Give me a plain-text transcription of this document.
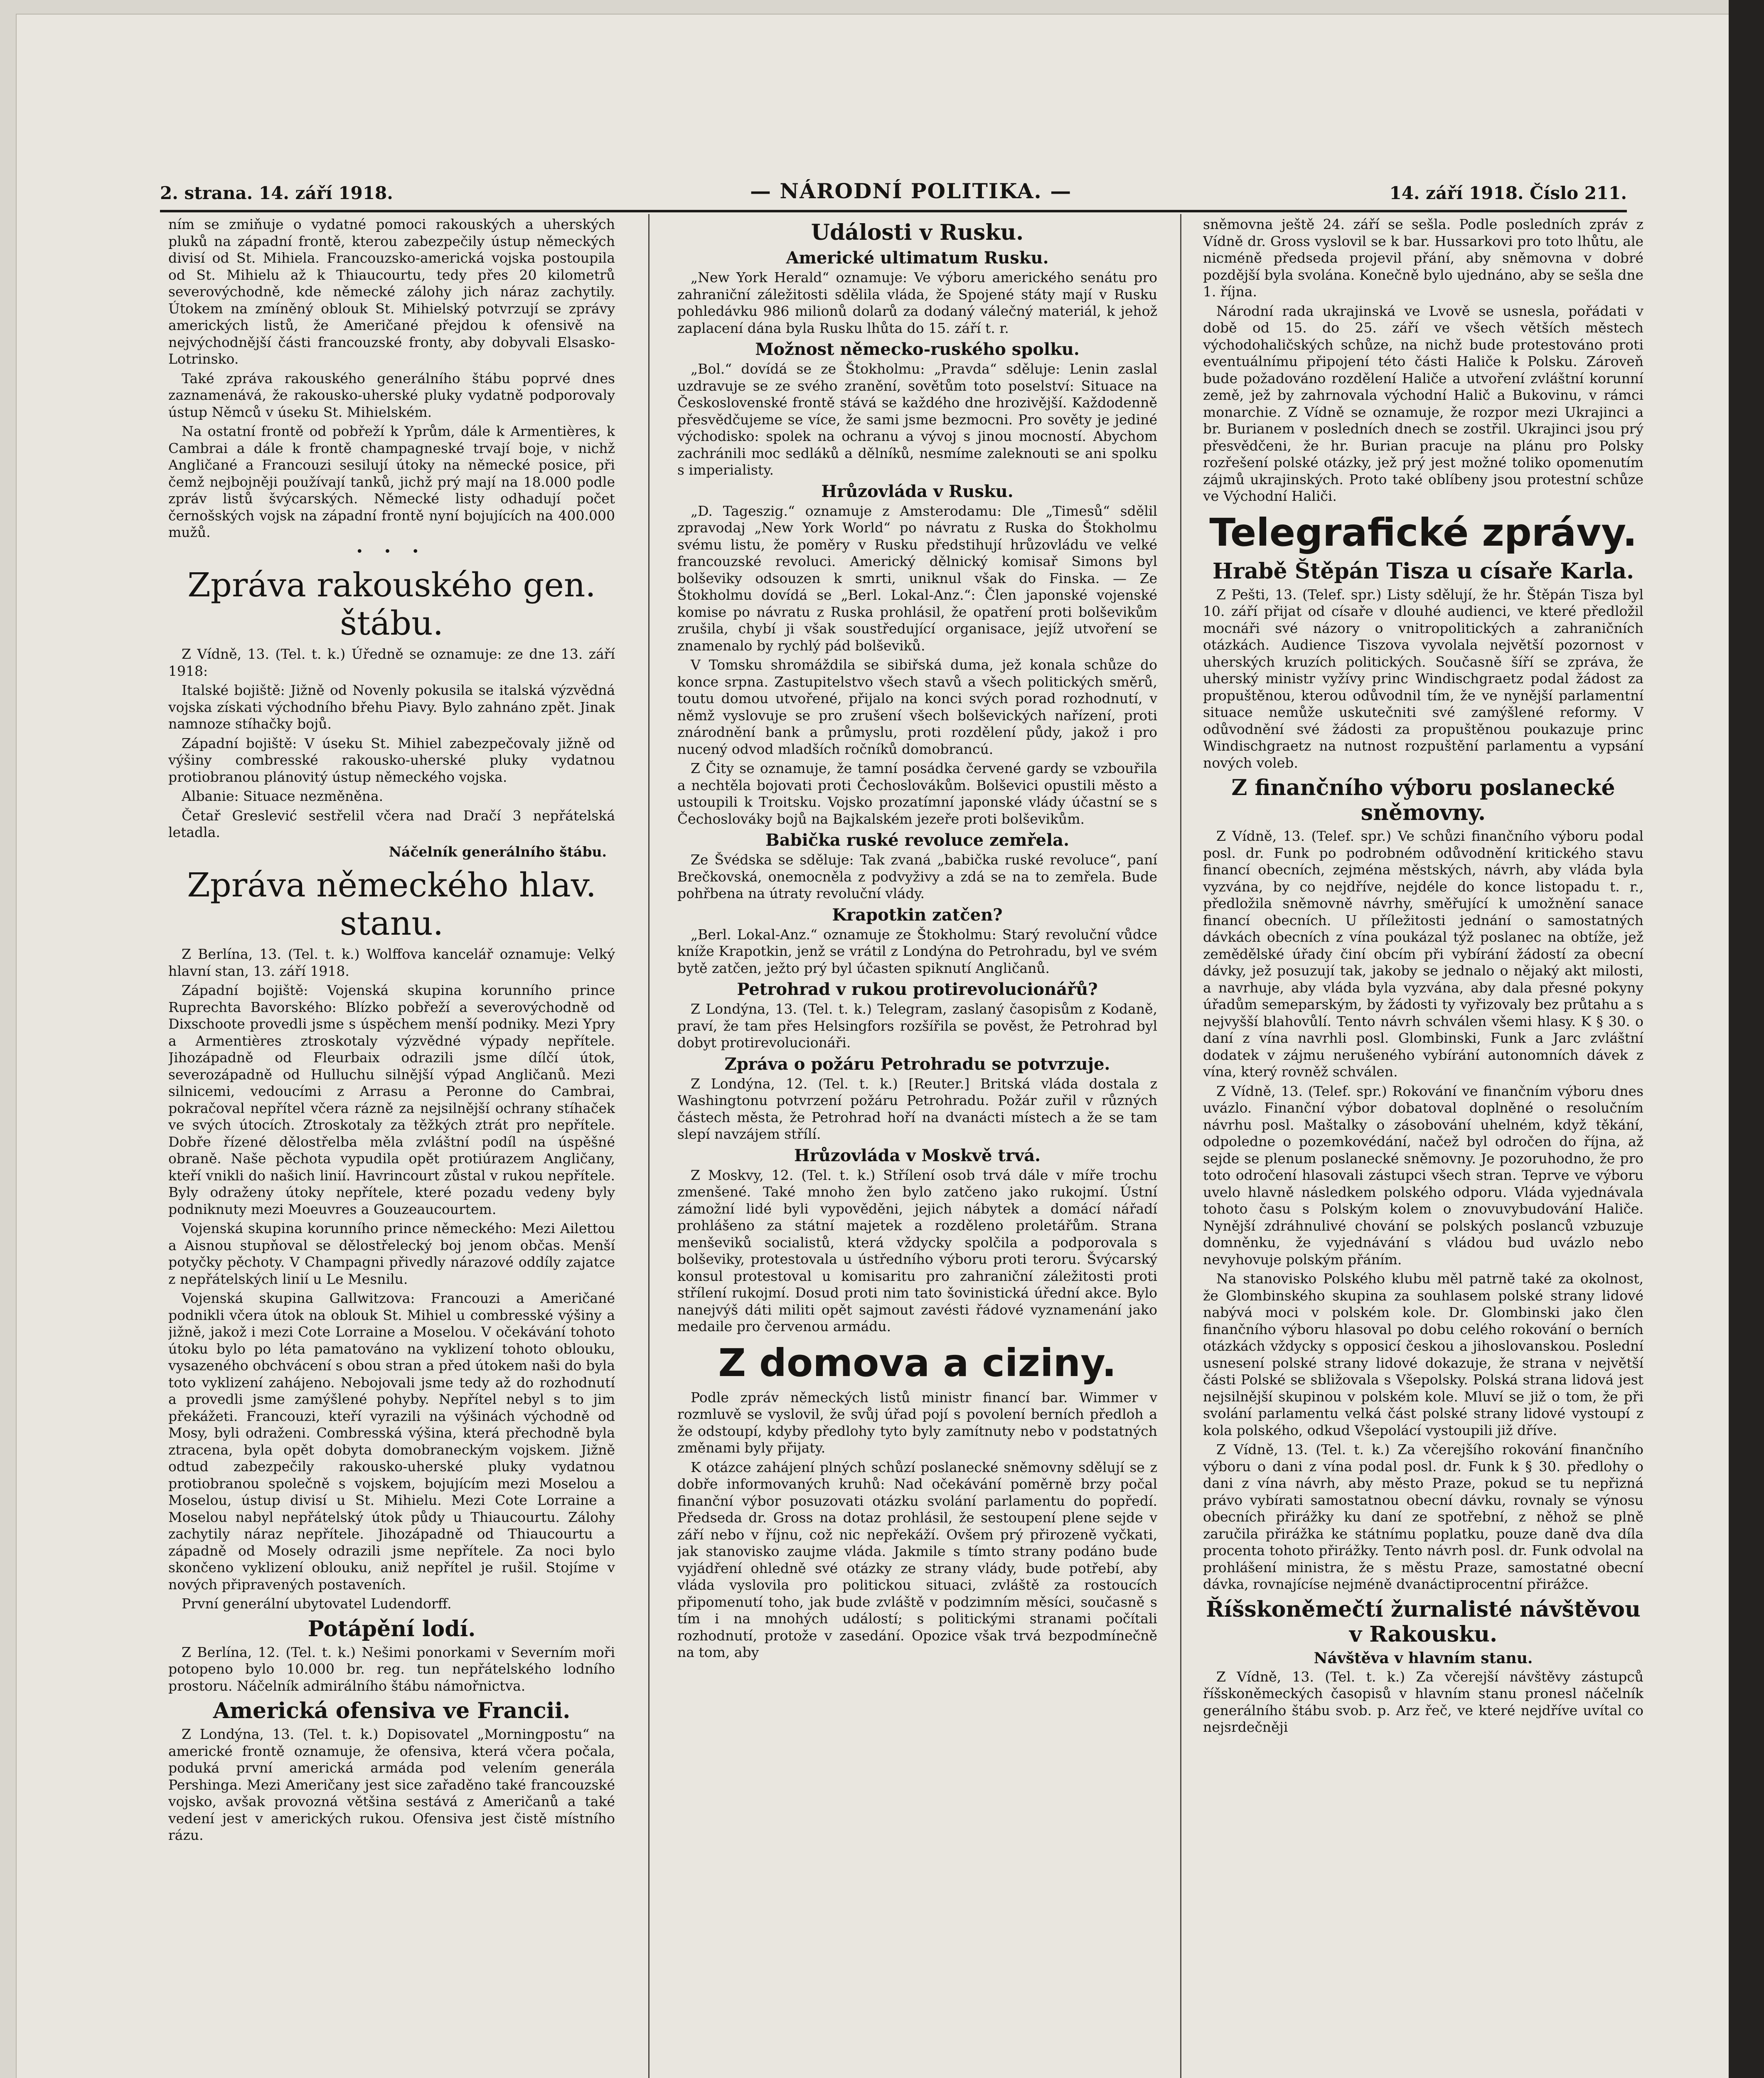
2. strana. 14. září 1918.	— NÁRODNÍ POLITIKA. —	14. září 1918. Číslo 211.

ním se zmiňuje o vydatné pomoci rakouských a uherských pluků na západní frontě, kterou zabezpečily ústup německých divisí od St. Mihiela. Francouzsko-americká vojska postoupila od St. Mihielu až k Thiaucourtu, tedy přes 20 kilometrů severovýchodně, kde německé zálohy jich náraz zachytily. Útokem na zmíněný oblouk St. Mihielský potvrzují se zprávy amerických listů, že Američané přejdou k ofensivě na nejvýchodnější části francouzské fronty, aby dobyvali Elsasko-Lotrinsko.

Také zpráva rakouského generálního štábu poprvé dnes zaznamenává, že rakousko-uherské pluky vydatně podporovaly ústup Němců v úseku St. Mihielském.

Na ostatní frontě od pobřeží k Yprům, dále k Armentières, k Cambrai a dále k frontě champagneské trvají boje, v nichž Angličané a Francouzi sesilují útoky na německé posice, při čemž nejbojněji používají tanků, jichž prý mají na 18.000 podle zpráv listů švýcarských. Německé listy odhadují počet černošských vojsk na západní frontě nyní bojujících na 400.000 mužů.

• • •
Zpráva rakouského gen. štábu.

Z Vídně, 13. (Tel. t. k.) Úředně se oznamuje: ze dne 13. září 1918:

Italské bojiště: Jižně od Novenly pokusila se italská výzvědná vojska získati východního břehu Piavy. Bylo zahnáno zpět. Jinak namnoze stíhačky bojů.

Západní bojiště: V úseku St. Mihiel zabezpečovaly jižně od výšiny combresské rakousko-uherské pluky vydatnou protiobranou plánovitý ústup německého vojska.

Albanie: Situace nezměněna.

Četař Greslević sestřelil včera nad Dračí 3 nepřátelská letadla.

Náčelník generálního štábu.
Zpráva německého hlav. stanu.

Z Berlína, 13. (Tel. t. k.) Wolffova kancelář oznamuje: Velký hlavní stan, 13. září 1918.

Západní bojiště: Vojenská skupina korunního prince Ruprechta Bavorského: Blízko pobřeží a severovýchodně od Dixschoote provedli jsme s úspěchem menší podniky. Mezi Ypry a Armentières ztroskotaly výzvědné výpady nepřítele. Jihozápadně od Fleurbaix odrazili jsme dílčí útok, severozápadně od Hulluchu silnější výpad Angličanů. Mezi silnicemi, vedoucími z Arrasu a Peronne do Cambrai, pokračoval nepřítel včera rázně za nejsilnější ochrany stíhaček ve svých útocích. Ztroskotaly za těžkých ztrát pro nepřítele. Dobře řízené dělostřelba měla zvláštní podíl na úspěšné obraně. Naše pěchota vypudila opět protiúrazem Angličany, kteří vnikli do našich linií. Havrincourt zůstal v rukou nepřítele. Byly odraženy útoky nepřítele, které pozadu vedeny byly podniknuty mezi Moeuvres a Gouzeaucourtem.

Vojenská skupina korunního prince německého: Mezi Ailettou a Aisnou stupňoval se dělostřelecký boj jenom občas. Menší potyčky pěchoty. V Champagni přivedly nárazové oddíly zajatce z nepřátelských linií u Le Mesnilu.

Vojenská skupina Gallwitzova: Francouzi a Američané podnikli včera útok na oblouk St. Mihiel u combresské výšiny a jižně, jakož i mezi Cote Lorraine a Moselou. V očekávání tohoto útoku bylo po léta pamatováno na vyklizení tohoto oblouku, vysazeného obchvácení s obou stran a před útokem naši do byla toto vyklizení zahájeno. Nebojovali jsme tedy až do rozhodnutí a provedli jsme zamýšlené pohyby. Nepřítel nebyl s to jim překážeti. Francouzi, kteří vyrazili na výšinách východně od Mosy, byli odraženi. Combresská výšina, která přechodně byla ztracena, byla opět dobyta domobraneckým vojskem. Jižně odtud zabezpečily rakousko-uherské pluky vydatnou protiobranou společně s vojskem, bojujícím mezi Moselou a Moselou, ústup divisí u St. Mihielu. Mezi Cote Lorraine a Moselou nabyl nepřátelský útok půdy u Thiaucourtu. Zálohy zachytily náraz nepřítele. Jihozápadně od Thiaucourtu a západně od Mosely odrazili jsme nepřítele. Za noci bylo skončeno vyklizení oblouku, aniž nepřítel je rušil. Stojíme v nových připravených postaveních.

První generální ubytovatel Ludendorff.

Potápění lodí.

Z Berlína, 12. (Tel. t. k.) Nešimi ponorkami v Severním moři potopeno bylo 10.000 br. reg. tun nepřátelského lodního prostoru. Náčelník admirálního štábu námořnictva.

Americká ofensiva ve Francii.

Z Londýna, 13. (Tel. t. k.) Dopisovatel „Morningpostu“ na americké frontě oznamuje, že ofensiva, která včera počala, poduká první americká armáda pod velením generála Pershinga. Mezi Američany jest sice zařaděno také francouzské vojsko, avšak provozná většina sestává z Američanů a také vedení jest v amerických rukou. Ofensiva jest čistě místního rázu.

Události v Rusku.
Americké ultimatum Rusku.

„New York Herald“ oznamuje: Ve výboru amerického senátu pro zahraniční záležitosti sdělila vláda, že Spojené státy mají v Rusku pohledávku 986 milionů dolarů za dodaný válečný materiál, k jehož zaplacení dána byla Rusku lhůta do 15. září t. r.

Možnost německo-ruského spolku.

„Bol.“ dovídá se ze Štokholmu: „Pravda“ sděluje: Lenin zaslal uzdravuje se ze svého zranění, sovětům toto poselství: Situace na Československé frontě stává se každého dne hrozivější. Každodenně přesvědčujeme se více, že sami jsme bezmocni. Pro sověty je jediné východisko: spolek na ochranu a vývoj s jinou mocností. Abychom zachránili moc sedláků a dělníků, nesmíme zaleknouti se ani spolku s imperialisty.

Hrůzovláda v Rusku.

„D. Tageszig.“ oznamuje z Amsterodamu: Dle „Timesů“ sdělil zpravodaj „New York World“ po návratu z Ruska do Štokholmu svému listu, že poměry v Rusku předstihují hrůzovládu ve velké francouzské revoluci. Americký dělnický komisař Simons byl bolševiky odsouzen k smrti, uniknul však do Finska. — Ze Štokholmu dovídá se „Berl. Lokal-Anz.“: Člen japonské vojenské komise po návratu z Ruska prohlásil, že opatření proti bolševikům zrušila, chybí ji však soustředující organisace, jejíž utvoření se znamenalo by rychlý pád bolševiků.

V Tomsku shromáždila se sibiřská duma, jež konala schůze do konce srpna. Zastupitelstvo všech stavů a všech politických směrů, toutu domou utvořené, přijalo na konci svých porad rozhodnutí, v němž vyslovuje se pro zrušení všech bolševických nařízení, proti znárodnění bank a průmyslu, proti rozdělení půdy, jakož i pro nucený odvod mladších ročníků domobrancú.

Z Čity se oznamuje, že tamní posádka červené gardy se vzbouřila a nechtěla bojovati proti Čechoslovákům. Bolševici opustili město a ustoupili k Troitsku. Vojsko prozatímní japonské vlády účastní se s Čechoslováky bojů na Bajkalském jezeře proti bolševikům.

Babička ruské revoluce zemřela.

Ze Švédska se sděluje: Tak zvaná „babička ruské revoluce“, paní Brečkovská, onemocněla z podvyživy a zdá se na to zemřela. Bude pohřbena na útraty revoluční vlády.

Krapotkin zatčen?

„Berl. Lokal-Anz.“ oznamuje ze Štokholmu: Starý revoluční vůdce kníže Krapotkin, jenž se vrátil z Londýna do Petrohradu, byl ve svém bytě zatčen, ježto prý byl účasten spiknutí Angličanů.

Petrohrad v rukou protirevolucionářů?

Z Londýna, 13. (Tel. t. k.) Telegram, zaslaný časopisům z Kodaně, praví, že tam přes Helsingfors rozšířila se pověst, že Petrohrad byl dobyt protirevolucionáři.

Zpráva o požáru Petrohradu se potvrzuje.

Z Londýna, 12. (Tel. t. k.) [Reuter.] Britská vláda dostala z Washingtonu potvrzení požáru Petrohradu. Požár zuřil v různých částech města, že Petrohrad hoří na dvanácti místech a že se tam slepí navzájem střílí.

Hrůzovláda v Moskvě trvá.

Z Moskvy, 12. (Tel. t. k.) Střílení osob trvá dále v míře trochu zmenšené. Také mnoho žen bylo zatčeno jako rukojmí. Ústní zámožní lidé byli vypověděni, jejich nábytek a domácí nářadí prohlášeno za státní majetek a rozděleno proletářům. Strana menševiků socialistů, která vždycky spolčila a podporovala s bolševiky, protestovala u ústředního výboru proti teroru. Švýcarský konsul protestoval u komisaritu pro zahraniční záležitosti proti střílení rukojmí. Dosud proti nim tato šovinistická úřední akce. Bylo nanejvýš dáti militi opět sajmout zavésti řádové vyznamenání jako medaile pro červenou armádu.

Z domova a ciziny.

Podle zpráv německých listů ministr financí bar. Wimmer v rozmluvě se vyslovil, že svůj úřad pojí s povolení berních předloh a že odstoupí, kdyby předlohy tyto byly zamítnuty nebo v podstatných změnami byly přijaty.

K otázce zahájení plných schůzí poslanecké sněmovny sdělují se z dobře informovaných kruhů: Nad očekávání poměrně brzy počal finanční výbor posuzovati otázku svolání parlamentu do popředí. Předseda dr. Gross na dotaz prohlásil, že sestoupení plene sejde v září nebo v říjnu, což nic nepřekáží. Ovšem prý přirozeně vyčkati, jak stanovisko zaujme vláda. Jakmile s tímto strany podáno bude vyjádření ohledně své otázky ze strany vlády, bude potřebí, aby vláda vyslovila pro politickou situaci, zvláště za rostoucích připomenutí toho, jak bude zvláště v podzimním měsíci, současně s tím i na mnohých událostí; s politickými stranami počítali rozhodnutí, protože v zasedání. Opozice však trvá bezpodmínečně na tom, aby

sněmovna ještě 24. září se sešla. Podle posledních zpráv z Vídně dr. Gross vyslovil se k bar. Hussarkovi pro toto lhůtu, ale nicméně předseda projevil přání, aby sněmovna v dobré pozdější byla svolána. Konečně bylo ujednáno, aby se sešla dne 1. října.

Národní rada ukrajinská ve Lvově se usnesla, pořádati v době od 15. do 25. září ve všech větších městech východohaličských schůze, na nichž bude protestováno proti eventuálnímu připojení této části Haliče k Polsku. Zároveň bude požadováno rozdělení Haliče a utvoření zvláštní korunní země, jež by zahrnovala východní Halič a Bukovinu, v rámci monarchie. Z Vídně se oznamuje, že rozpor mezi Ukrajinci a br. Burianem v posledních dnech se zostřil. Ukrajinci jsou prý přesvědčeni, že hr. Burian pracuje na plánu pro Polsky rozřešení polské otázky, jež prý jest možné toliko opomenutím zájmů ukrajinských. Proto také oblíbeny jsou protestní schůze ve Východní Haliči.

Telegrafické zprávy.
Hrabě Štěpán Tisza u císaře Karla.

Z Pešti, 13. (Telef. spr.) Listy sdělují, že hr. Štěpán Tisza byl 10. září přijat od císaře v dlouhé audienci, ve které předložil mocnáři své názory o vnitropolitických a zahraničních otázkách. Audience Tiszova vyvolala největší pozornost v uherských kruzích politických. Současně šíří se zpráva, že uherský ministr vyžívy princ Windischgraetz podal žádost za propuštěnou, kterou odůvodnil tím, že ve nynější parlamentní situace nemůže uskutečniti své zamýšlené reformy. V odůvodnění své žádosti za propuštěnou poukazuje princ Windischgraetz na nutnost rozpuštění parlamentu a vypsání nových voleb.

Z finančního výboru poslanecké sněmovny.

Z Vídně, 13. (Telef. spr.) Ve schůzi finančního výboru podal posl. dr. Funk po podrobném odůvodnění kritického stavu financí obecních, zejména městských, návrh, aby vláda byla vyzvána, by co nejdříve, nejdéle do konce listopadu t. r., předložila sněmovně návrhy, směřující k umožnění sanace financí obecních. U příležitosti jednání o samostatných dávkách obecních z vína poukázal týž poslanec na obtíže, jež zemědělské úřady činí obcím při vybírání žádostí za obecní dávky, jež posuzují tak, jakoby se jednalo o nějaký akt milosti, a navrhuje, aby vláda byla vyzvána, aby dala přesné pokyny úřadům semeparským, by žádosti ty vyřizovaly bez průtahu a s nejvyšší blahovůlí. Tento návrh schválen všemi hlasy. K § 30. o daní z vína navrhli posl. Glombinski, Funk a Jarc zvláštní dodatek v zájmu nerušeného vybírání autonomních dávek z vína, který rovněž schválen.

Z Vídně, 13. (Telef. spr.) Rokování ve finančním výboru dnes uvázlo. Finanční výbor dobatoval doplněné o resolučním návrhu posl. Maštalky o zásobování uhelném, když těkání, odpoledne o pozemkovédání, načež byl odročen do října, až sejde se plenum poslanecké sněmovny. Je pozoruhodno, že pro toto odročení hlasovali zástupci všech stran. Teprve ve výboru uvelo hlavně následkem polského odporu. Vláda vyjednávala tohoto času s Polským kolem o znovuvybudování Haliče. Nynější zdráhnulivé chování se polských poslanců vzbuzuje domněnku, že vyjednávání s vládou bud uvázlo nebo nevyhovuje polským přáním.

Na stanovisko Polského klubu měl patrně také za okolnost, že Glombinského skupina za souhlasem polské strany lidové nabývá moci v polském kole. Dr. Glombinski jako člen finančního výboru hlasoval po dobu celého rokování o berních otázkách vždycky s opposicí českou a jihoslovanskou. Poslední usnesení polské strany lidové dokazuje, že strana v největší části Polské se sbližovala s Všepolsky. Polská strana lidová jest nejsilnější skupinou v polském kole. Mluví se již o tom, že při svolání parlamentu velká část polské strany lidové vystoupí z kola polského, odkud Všepolácí vystoupili již dříve.

Z Vídně, 13. (Tel. t. k.) Za včerejšího rokování finančního výboru o dani z vína podal posl. dr. Funk k § 30. předlohy o dani z vína návrh, aby město Praze, pokud se tu nepřizná právo vybírati samostatnou obecní dávku, rovnaly se výnosu obecních přirážky ku daní ze spotřební, z něhož se plně zaručila přirážka ke státnímu poplatku, pouze daně dva díla procenta tohoto přirážky. Tento návrh posl. dr. Funk odvolal na prohlášení ministra, že s městu Praze, samostatné obecní dávka, rovnajícíse nejméně dvanáctiprocentní přirážce.

Říšskoněmečtí žurnalisté návštěvou v Rakousku.
Návštěva v hlavním stanu.

Z Vídně, 13. (Tel. t. k.) Za včerejší návštěvy zástupců říšskoněmeckých časopisů v hlavním stanu pronesl náčelník generálního štábu svob. p. Arz řeč, ve které nejdříve uvítal co nejsrdečněji
